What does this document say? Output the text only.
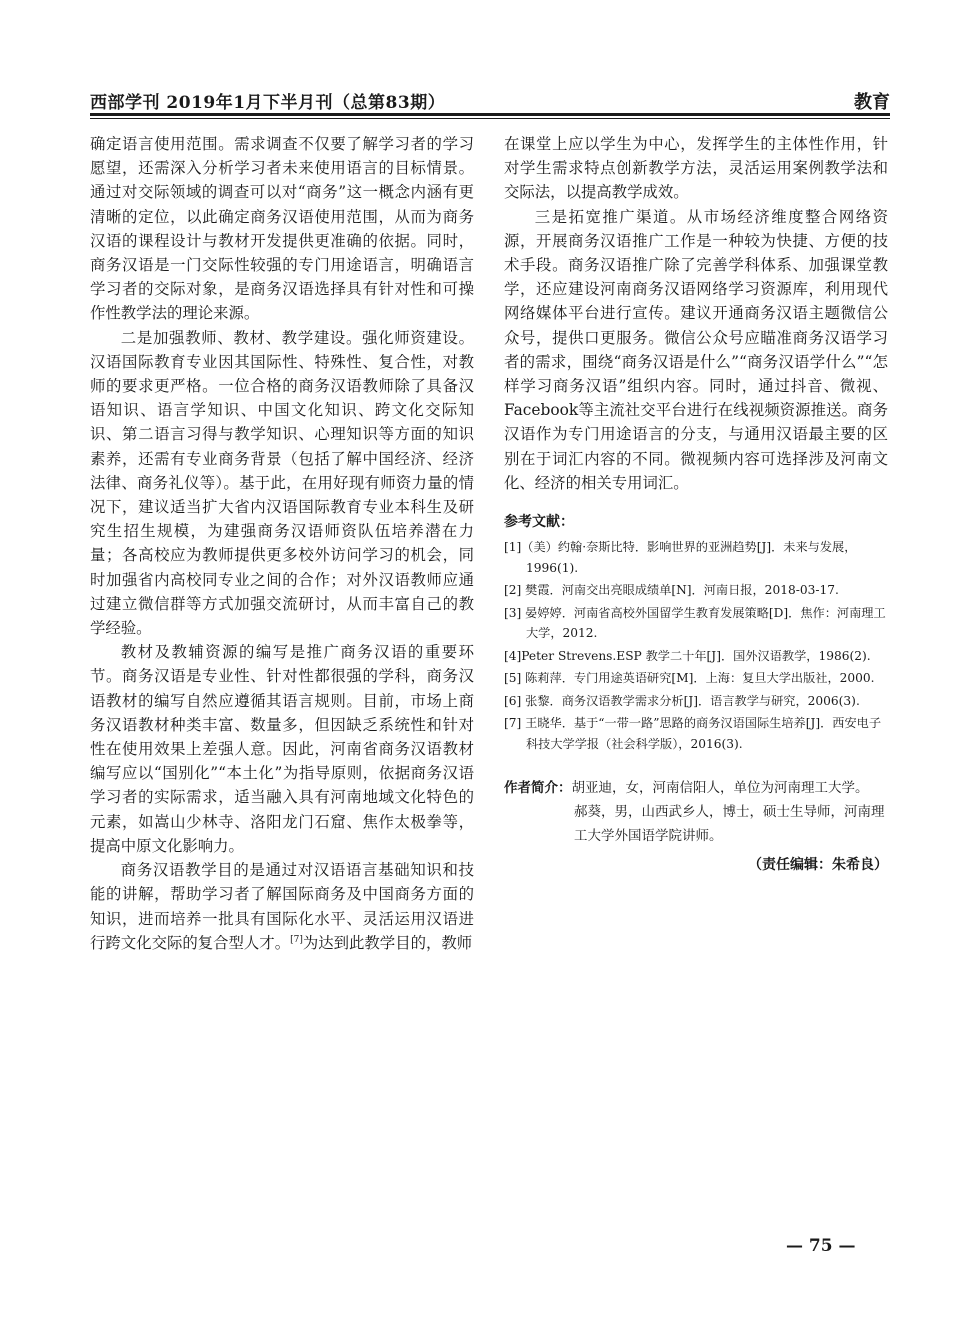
西部学刊 2019年1月下半月刊（总第83期）	教育

确定语言使用范围。需求调查不仅要了解学习者的学习愿望，还需深入分析学习者未来使用语言的目标情景。通过对交际领域的调查可以对“商务”这一概念内涵有更清晰的定位，以此确定商务汉语使用范围，从而为商务汉语的课程设计与教材开发提供更准确的依据。同时，商务汉语是一门交际性较强的专门用途语言，明确语言学习者的交际对象，是商务汉语选择具有针对性和可操作性教学法的理论来源。

二是加强教师、教材、教学建设。强化师资建设。汉语国际教育专业因其国际性、特殊性、复合性，对教师的要求更严格。一位合格的商务汉语教师除了具备汉语知识、语言学知识、中国文化知识、跨文化交际知识、第二语言习得与教学知识、心理知识等方面的知识素养，还需有专业商务背景（包括了解中国经济、经济法律、商务礼仪等）。基于此，在用好现有师资力量的情况下，建议适当扩大省内汉语国际教育专业本科生及研究生招生规模，为建强商务汉语师资队伍培养潜在力量；各高校应为教师提供更多校外访问学习的机会，同时加强省内高校同专业之间的合作；对外汉语教师应通过建立微信群等方式加强交流研讨，从而丰富自己的教学经验。

教材及教辅资源的编写是推广商务汉语的重要环节。商务汉语是专业性、针对性都很强的学科，商务汉语教材的编写自然应遵循其语言规则。目前，市场上商务汉语教材种类丰富、数量多，但因缺乏系统性和针对性在使用效果上差强人意。因此，河南省商务汉语教材编写应以“国别化”“本土化”为指导原则，依据商务汉语学习者的实际需求，适当融入具有河南地域文化特色的元素，如嵩山少林寺、洛阳龙门石窟、焦作太极拳等，提高中原文化影响力。

商务汉语教学目的是通过对汉语语言基础知识和技能的讲解，帮助学习者了解国际商务及中国商务方面的知识，进而培养一批具有国际化水平、灵活运用汉语进行跨文化交际的复合型人才。[7]为达到此教学目的，教师

在课堂上应以学生为中心，发挥学生的主体性作用，针对学生需求特点创新教学方法，灵活运用案例教学法和交际法，以提高教学成效。

三是拓宽推广渠道。从市场经济维度整合网络资源，开展商务汉语推广工作是一种较为快捷、方便的技术手段。商务汉语推广除了完善学科体系、加强课堂教学，还应建设河南商务汉语网络学习资源库，利用现代网络媒体平台进行宣传。建议开通商务汉语主题微信公众号，提供口更服务。微信公众号应瞄准商务汉语学习者的需求，围绕“商务汉语是什么”“商务汉语学什么”“怎样学习商务汉语”组织内容。同时，通过抖音、微视、Facebook等主流社交平台进行在线视频资源推送。商务汉语作为专门用途语言的分支，与通用汉语最主要的区别在于词汇内容的不同。微视频内容可选择涉及河南文化、经济的相关专用词汇。

参考文献：
[1]（美）约翰·奈斯比特．影响世界的亚洲趋势[J]．未来与发展，1996(1).
[2] 樊霞．河南交出亮眼成绩单[N]．河南日报，2018-03-17.
[3] 晏婷婷．河南省高校外国留学生教育发展策略[D]．焦作：河南理工大学，2012.
[4]Peter Strevens.ESP 教学二十年[J]．国外汉语教学，1986(2).
[5] 陈莉萍．专门用途英语研究[M]．上海：复旦大学出版社，2000.
[6] 张黎．商务汉语教学需求分析[J]．语言教学与研究，2006(3).
[7] 王晓华．基于“一带一路”思路的商务汉语国际生培养[J]．西安电子科技大学学报（社会科学版），2016(3).
作者简介： 胡亚迪，女，河南信阳人，单位为河南理工大学。
郝葵，男，山西武乡人，博士，硕士生导师，河南理工大学外国语学院讲师。
（责任编辑：朱希良）
— 75 —
